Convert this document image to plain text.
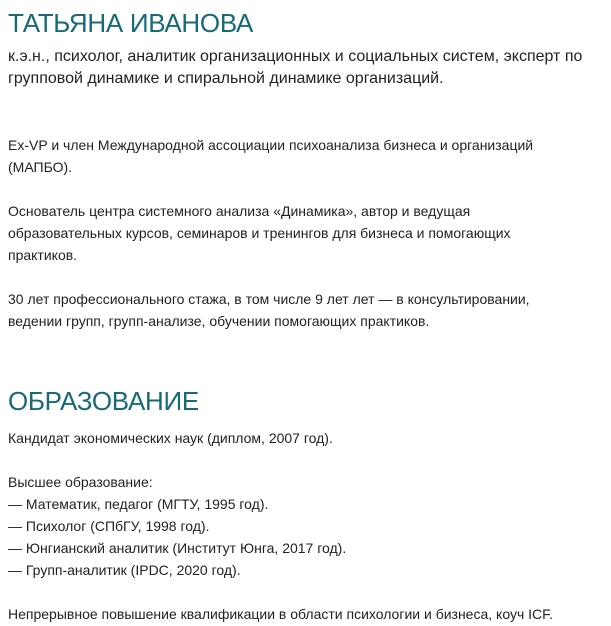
ТАТЬЯНА ИВАНОВА

к.э.н., психолог, аналитик организационных и социальных систем, эксперт по групповой динамике и спиральной динамике организаций.

Ex-VP и член Международной ассоциации психоанализа бизнеса и организаций (МАПБО).

Основатель центра системного анализа «Динамика», автор и ведущая образовательных курсов, семинаров и тренингов для бизнеса и помогающих практиков.

30 лет профессионального стажа, в том числе 9 лет лет — в консультировании, ведении групп, групп-анализе, обучении помогающих практиков.

ОБРАЗОВАНИЕ

Кандидат экономических наук (диплом, 2007 год).

Высшее образование:
— Математик, педагог (МГТУ, 1995 год).
— Психолог (СПбГУ, 1998 год).
— Юнгианский аналитик (Институт Юнга, 2017 год).
— Групп-аналитик (IPDC, 2020 год).

Непрерывное повышение квалификации в области психологии и бизнеса, коуч ICF.
